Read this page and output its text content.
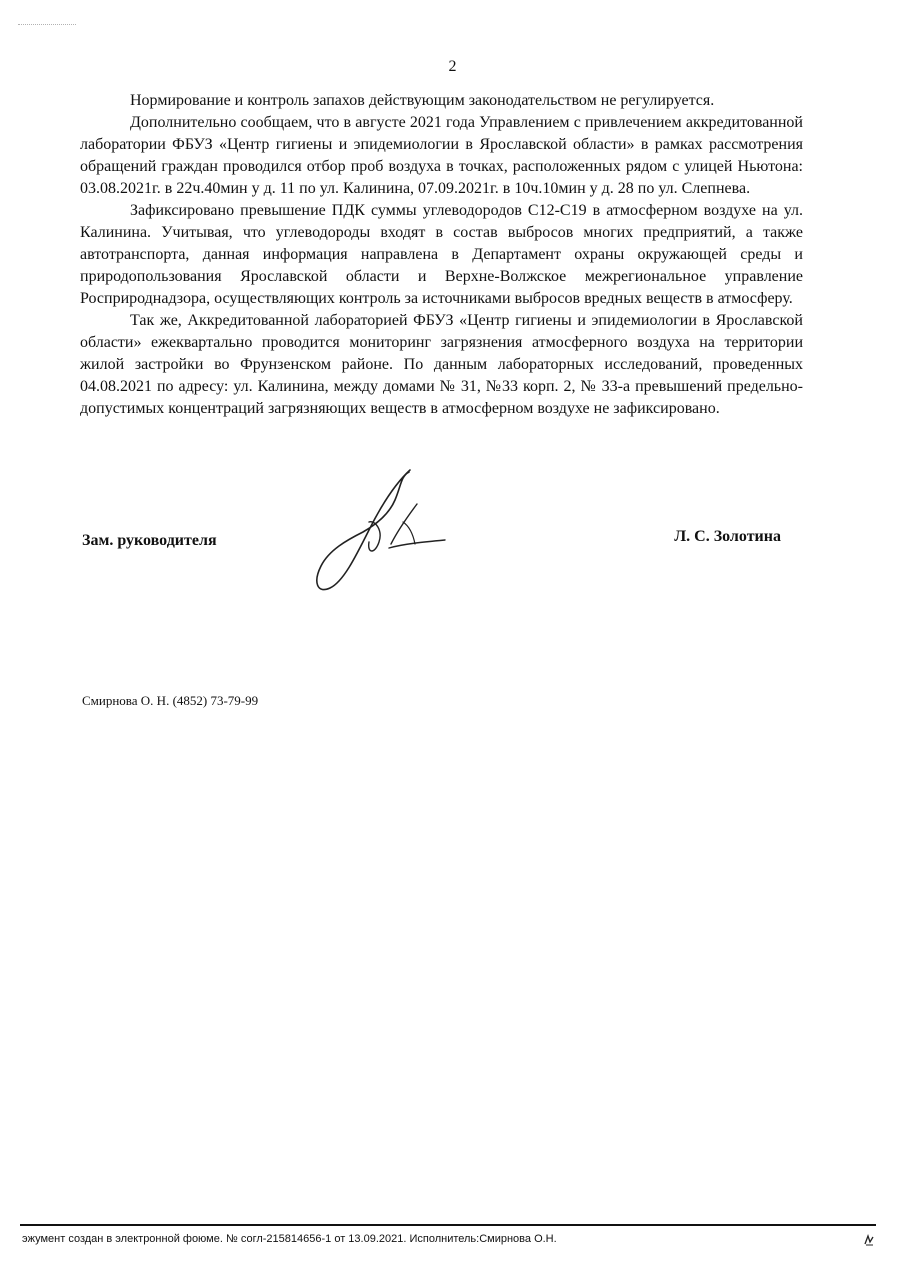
2

Нормирование и контроль запахов действующим законодательством не регулируется.

Дополнительно сообщаем, что в августе 2021 года Управлением с привлечением аккредитованной лаборатории ФБУЗ «Центр гигиены и эпидемиологии в Ярославской области» в рамках рассмотрения обращений граждан проводился отбор проб воздуха в точках, расположенных рядом с улицей Ньютона: 03.08.2021г. в 22ч.40мин у д. 11 по ул. Калинина, 07.09.2021г. в 10ч.10мин у д. 28 по ул. Слепнева.

Зафиксировано превышение ПДК суммы углеводородов С12-С19 в атмосферном воздухе на ул. Калинина. Учитывая, что углеводороды входят в состав выбросов многих предприятий, а также автотранспорта, данная информация направлена в Департамент охраны окружающей среды и природопользования Ярославской области и Верхне-Волжское межрегиональное управление Росприроднадзора, осуществляющих контроль за источниками выбросов вредных веществ в атмосферу.

Так же, Аккредитованной лабораторией ФБУЗ «Центр гигиены и эпидемиологии в Ярославской области» ежеквартально проводится мониторинг загрязнения атмосферного воздуха на территории жилой застройки во Фрунзенском районе. По данным лабораторных исследований, проведенных 04.08.2021 по адресу: ул. Калинина, между домами № 31, №33 корп. 2, № 33-а превышений предельно-допустимых концентраций загрязняющих веществ в атмосферном воздухе не зафиксировано.

Зам. руководителя	Л. С. Золотина
Смирнова О. Н. (4852) 73-79-99
эжумент создан в электронной фоюме. № согл-215814656-1 от 13.09.2021. Исполнитель:Смирнова О.Н.
